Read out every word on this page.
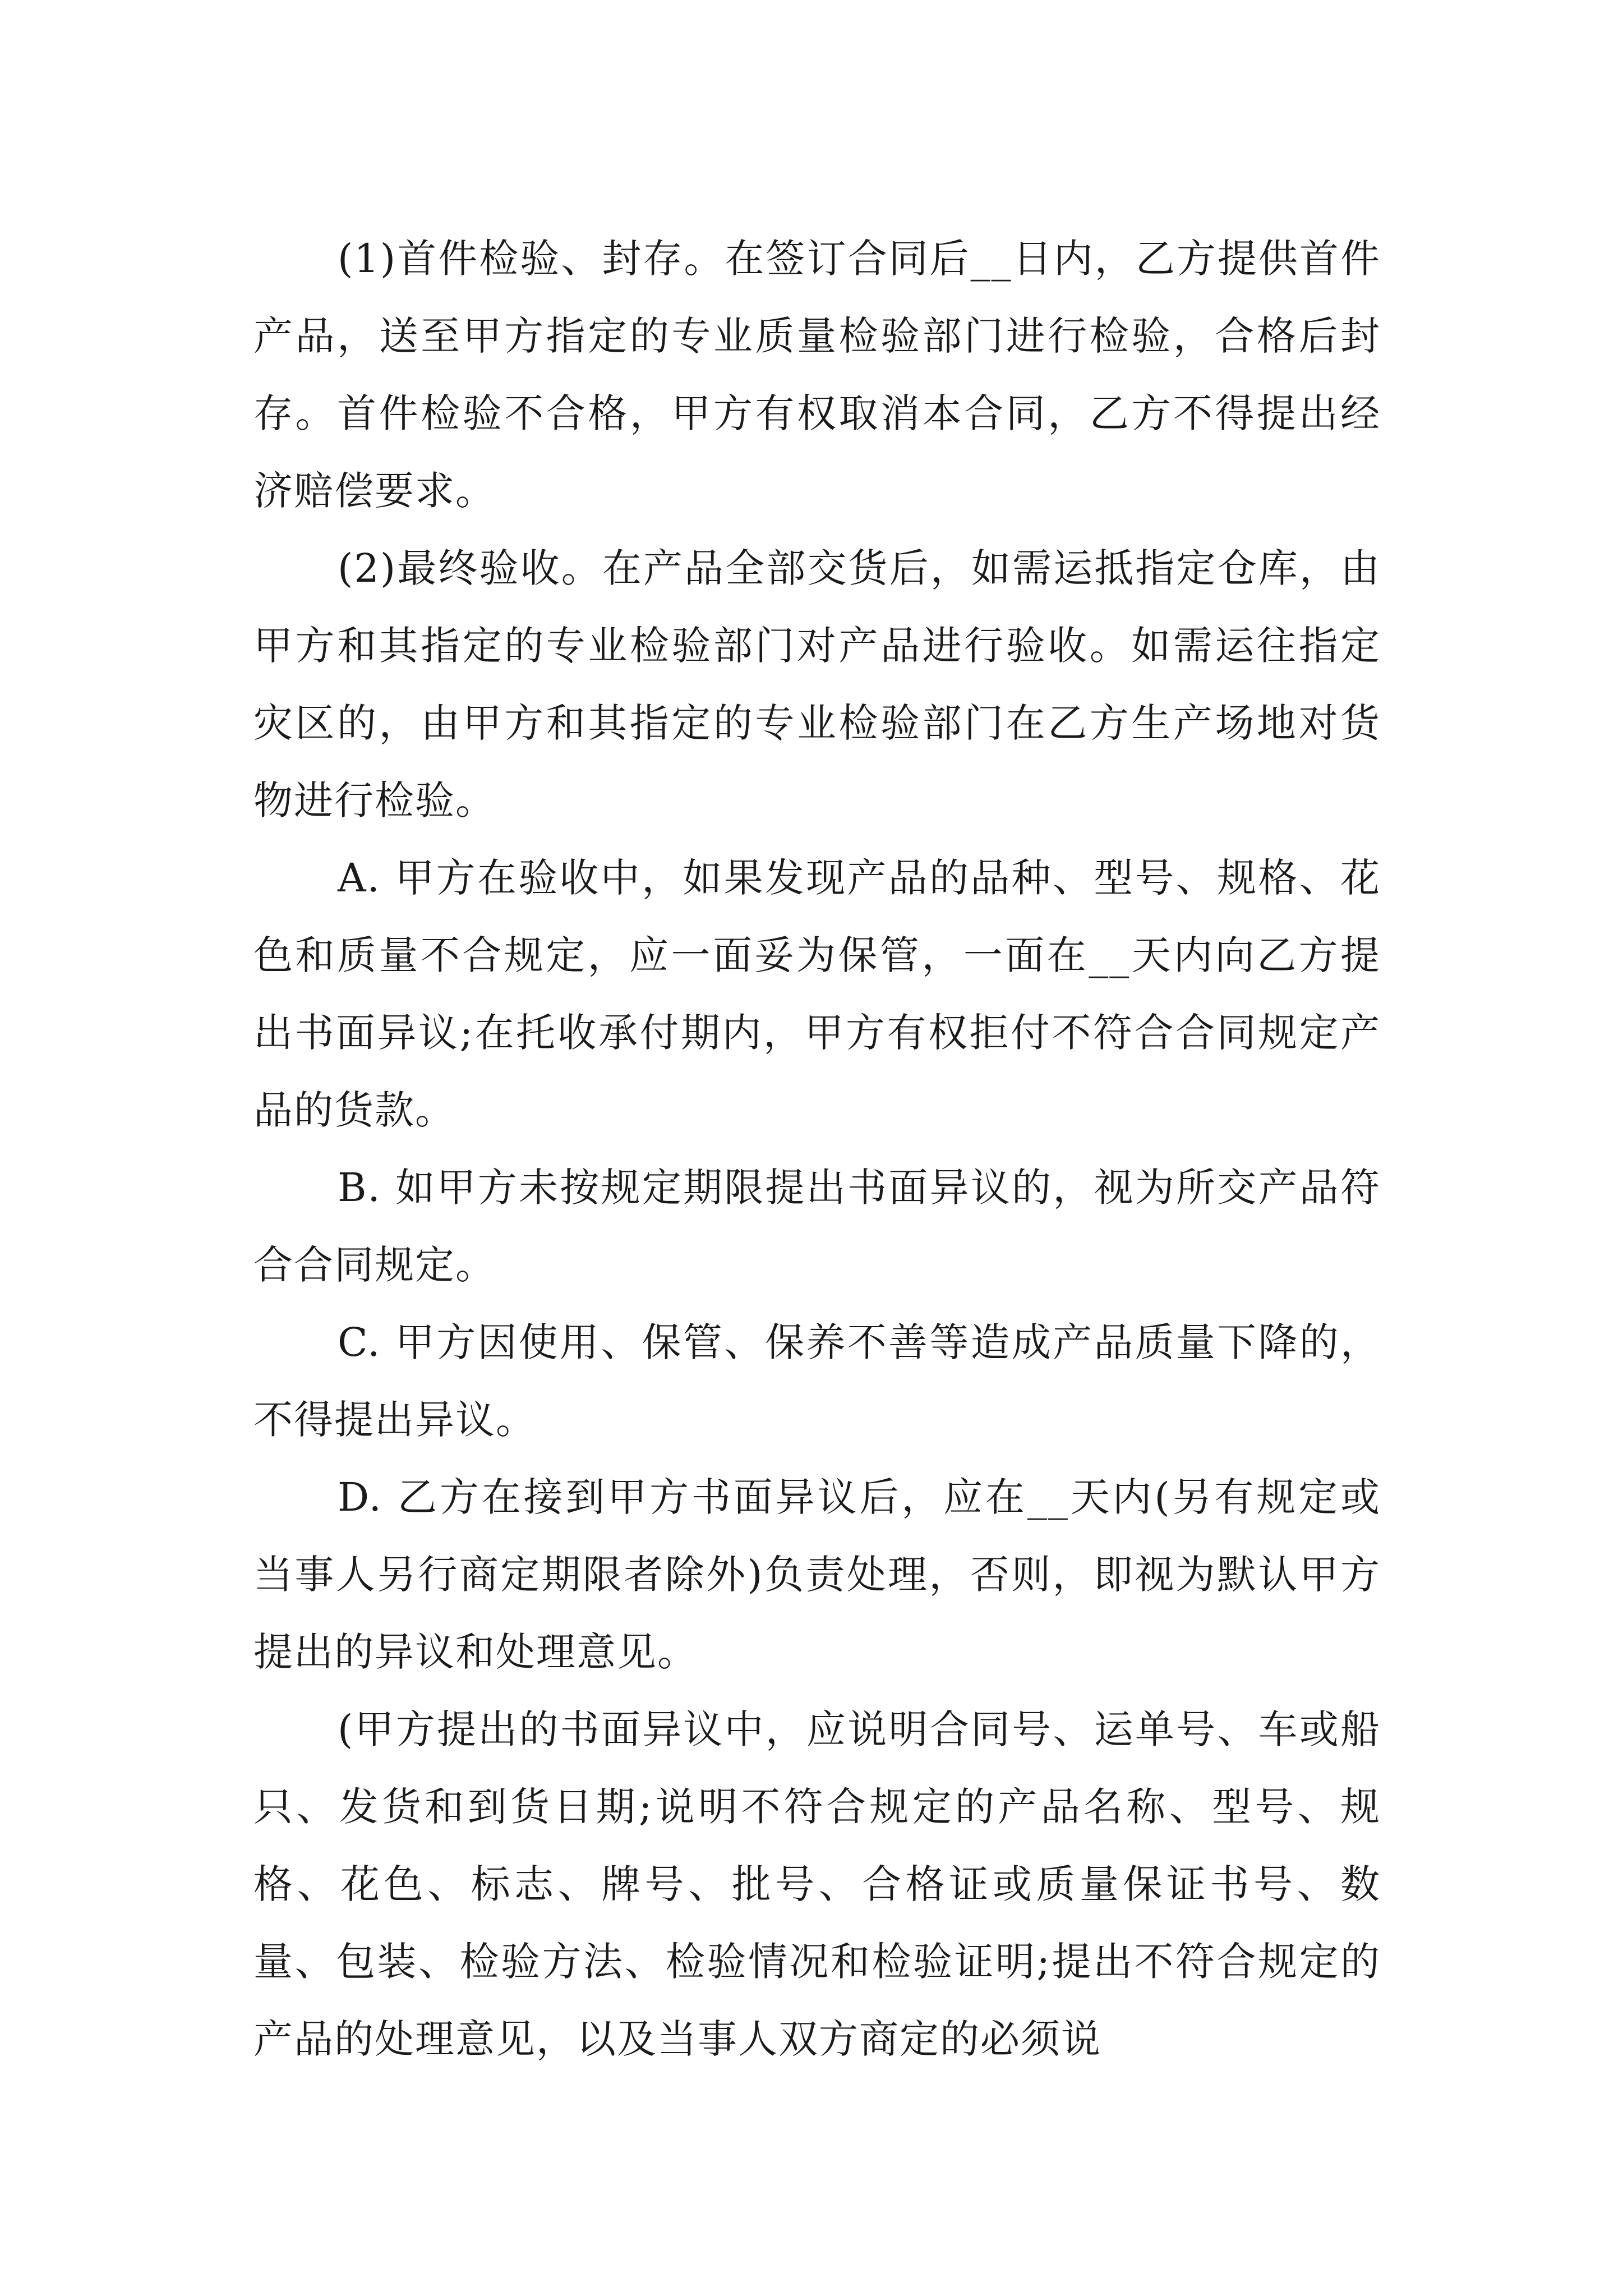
(1)首件检验、封存。在签订合同后__日内，乙方提供首件产品，送至甲方指定的专业质量检验部门进行检验，合格后封存。首件检验不合格，甲方有权取消本合同，乙方不得提出经济赔偿要求。

(2)最终验收。在产品全部交货后，如需运抵指定仓库，由甲方和其指定的专业检验部门对产品进行验收。如需运往指定灾区的，由甲方和其指定的专业检验部门在乙方生产场地对货物进行检验。

A. 甲方在验收中，如果发现产品的品种、型号、规格、花色和质量不合规定，应一面妥为保管，一面在__天内向乙方提出书面异议;在托收承付期内，甲方有权拒付不符合合同规定产品的货款。

B. 如甲方未按规定期限提出书面异议的，视为所交产品符合合同规定。

C. 甲方因使用、保管、保养不善等造成产品质量下降的，不得提出异议。

D. 乙方在接到甲方书面异议后，应在__天内(另有规定或当事人另行商定期限者除外)负责处理，否则，即视为默认甲方提出的异议和处理意见。

(甲方提出的书面异议中，应说明合同号、运单号、车或船只、发货和到货日期;说明不符合规定的产品名称、型号、规格、花色、标志、牌号、批号、合格证或质量保证书号、数量、包装、检验方法、检验情况和检验证明;提出不符合规定的产品的处理意见，以及当事人双方商定的必须说
